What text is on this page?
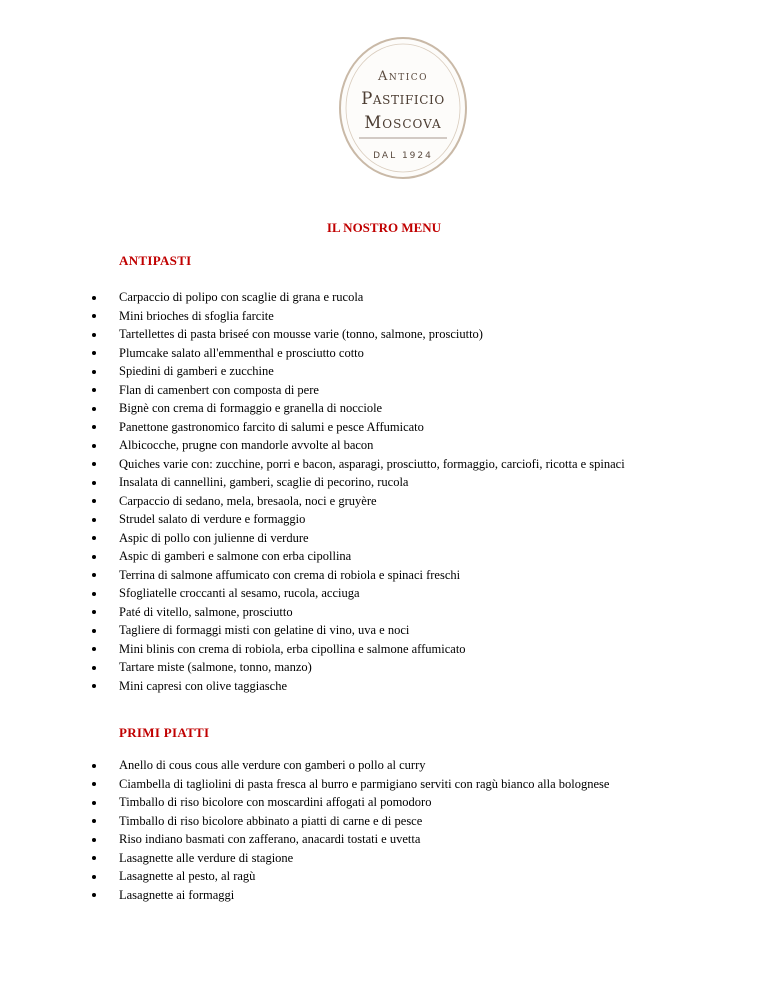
Antico
Pastificio
Moscova
DAL 1924
IL NOSTRO MENU
ANTIPASTI
Carpaccio di polipo con scaglie di grana e rucola
Mini brioches di sfoglia farcite
Tartellettes di pasta briseé con mousse varie (tonno, salmone, prosciutto)
Plumcake salato all'emmenthal e prosciutto cotto
Spiedini di gamberi e zucchine
Flan di camenbert con composta di pere
Bignè con crema di formaggio e granella di nocciole
Panettone gastronomico farcito di salumi e pesce Affumicato
Albicocche, prugne con mandorle avvolte al bacon
Quiches varie con: zucchine, porri e bacon, asparagi, prosciutto, formaggio, carciofi, ricotta e spinaci
Insalata di cannellini, gamberi, scaglie di pecorino, rucola
Carpaccio di sedano, mela, bresaola, noci e gruyère
Strudel salato di verdure e formaggio
Aspic di pollo con julienne di verdure
Aspic di gamberi e salmone con erba cipollina
Terrina di salmone affumicato con crema di robiola e spinaci freschi
Sfogliatelle croccanti al sesamo, rucola, acciuga
Paté di vitello, salmone, prosciutto
Tagliere di formaggi misti con gelatine di vino, uva e noci
Mini blinis con crema di robiola, erba cipollina e salmone affumicato
Tartare miste (salmone, tonno, manzo)
Mini capresi con olive taggiasche
PRIMI PIATTI
Anello di cous cous alle verdure con gamberi o pollo al curry
Ciambella di tagliolini di pasta fresca al burro e parmigiano serviti con ragù bianco alla bolognese
Timballo di riso bicolore con moscardini affogati al pomodoro
Timballo di riso bicolore abbinato a piatti di carne e di pesce
Riso indiano basmati con zafferano, anacardi tostati e uvetta
Lasagnette alle verdure di stagione
Lasagnette al pesto, al ragù
Lasagnette ai formaggi
